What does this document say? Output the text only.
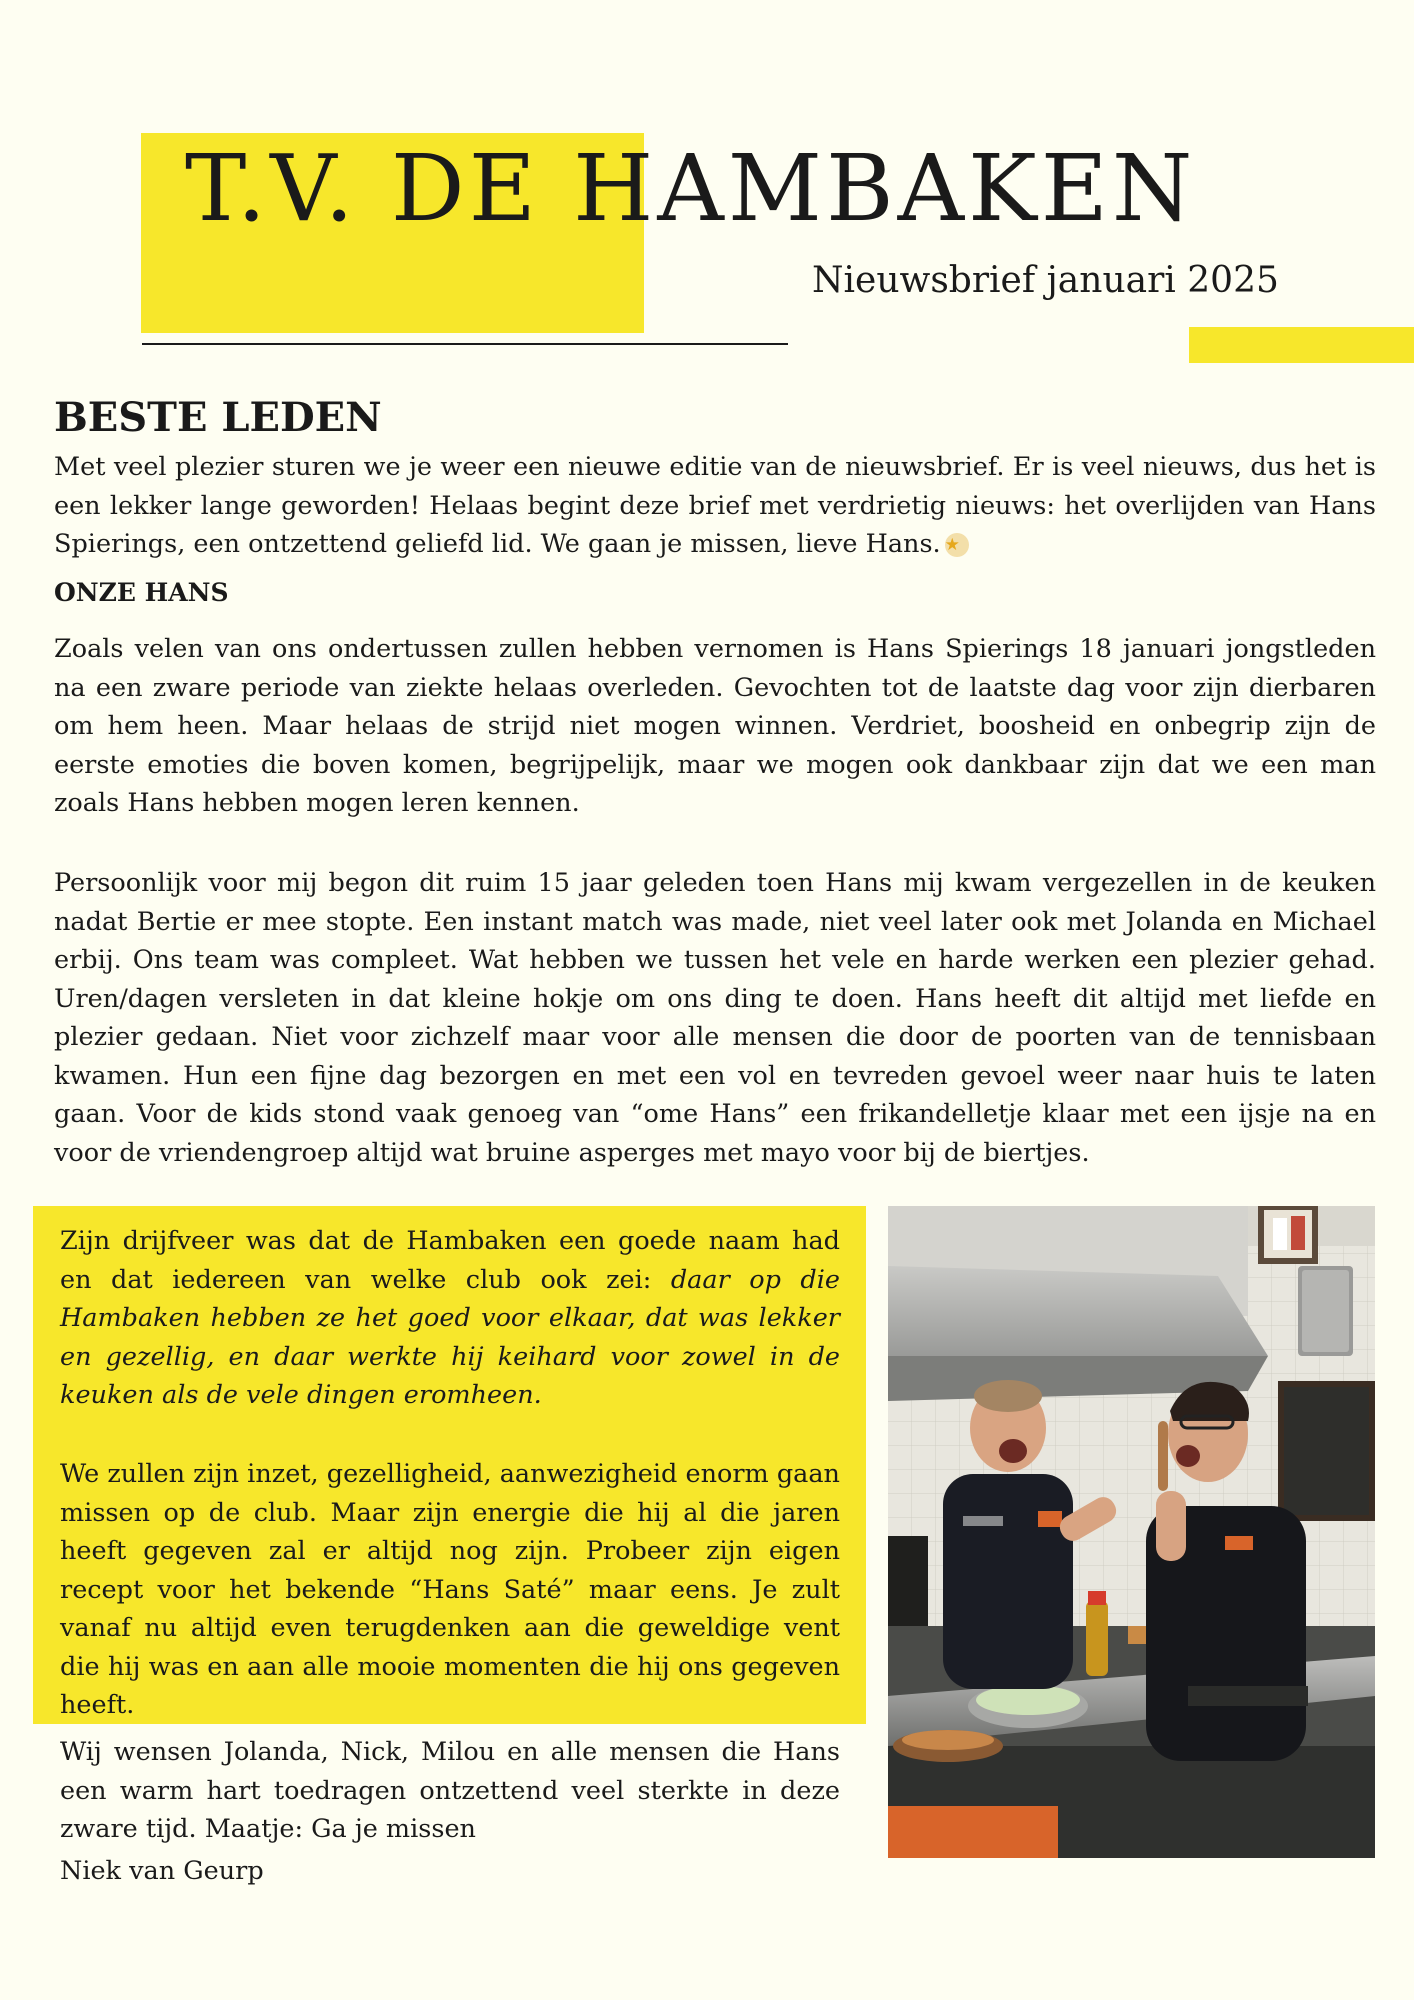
T.V. DE HAMBAKEN
Nieuwsbrief januari 2025
BESTE LEDEN
Met veel plezier sturen we je weer een nieuwe editie van de nieuwsbrief. Er is veel nieuws, dus het is een lekker lange geworden! Helaas begint deze brief met verdrietig nieuws: het overlijden van Hans Spierings, een ontzettend geliefd lid. We gaan je missen, lieve Hans. ★
ONZE HANS
Zoals velen van ons ondertussen zullen hebben vernomen is Hans Spierings 18 januari jongstleden na een zware periode van ziekte helaas overleden. Gevochten tot de laatste dag voor zijn dierbaren om hem heen. Maar helaas de strijd niet mogen winnen. Verdriet, boosheid en onbegrip zijn de eerste emoties die boven komen, begrijpelijk, maar we mogen ook dankbaar zijn dat we een man zoals Hans hebben mogen leren kennen.
Persoonlijk voor mij begon dit ruim 15 jaar geleden toen Hans mij kwam vergezellen in de keuken nadat Bertie er mee stopte. Een instant match was made, niet veel later ook met Jolanda en Michael erbij. Ons team was compleet. Wat hebben we tussen het vele en harde werken een plezier gehad. Uren/dagen versleten in dat kleine hokje om ons ding te doen. Hans heeft dit altijd met liefde en plezier gedaan. Niet voor zichzelf maar voor alle mensen die door de poorten van de tennisbaan kwamen. Hun een fijne dag bezorgen en met een vol en tevreden gevoel weer naar huis te laten gaan. Voor de kids stond vaak genoeg van “ome Hans” een frikandelletje klaar met een ijsje na en voor de vriendengroep altijd wat bruine asperges met mayo voor bij de biertjes.
Zijn drijfveer was dat de Hambaken een goede naam had en dat iedereen van welke club ook zei: daar op die Hambaken hebben ze het goed voor elkaar, dat was lekker en gezellig, en daar werkte hij keihard voor zowel in de keuken als de vele dingen eromheen.
We zullen zijn inzet, gezelligheid, aanwezigheid enorm gaan missen op de club. Maar zijn energie die hij al die jaren heeft gegeven zal er altijd nog zijn. Probeer zijn eigen recept voor het bekende “Hans Saté” maar eens. Je zult vanaf nu altijd even terugdenken aan die geweldige vent die hij was en aan alle mooie momenten die hij ons gegeven heeft.
Wij wensen Jolanda, Nick, Milou en alle mensen die Hans een warm hart toedragen ontzettend veel sterkte in deze zware tijd. Maatje: Ga je missen
Niek van Geurp
